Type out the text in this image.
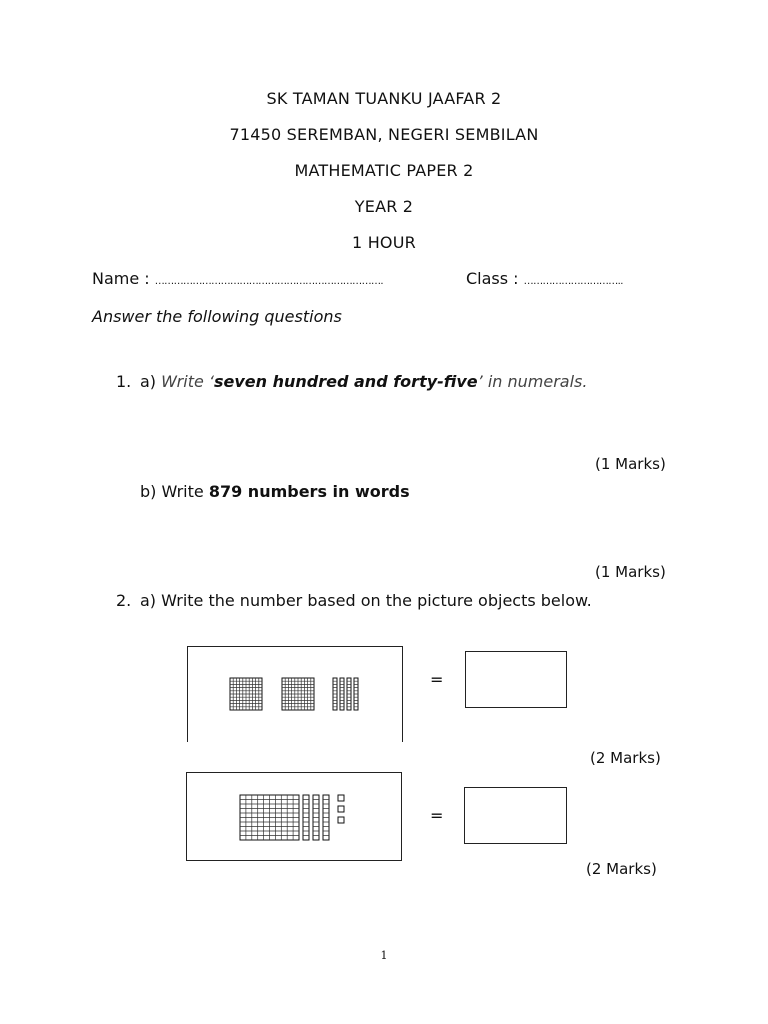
SK TAMAN TUANKU JAAFAR 2
71450 SEREMBAN, NEGERI SEMBILAN
MATHEMATIC PAPER 2
YEAR 2
1 HOUR
Name : ……………………………………………………………….	Class : …………………………..
Answer the following questions
1. a) Write ‘seven hundred and forty-five’ in numerals.
(1 Marks)
b) Write 879 numbers in words
(1 Marks)
2. a) Write the number based on the picture objects below.
=
(2 Marks)
=
(2 Marks)
1
